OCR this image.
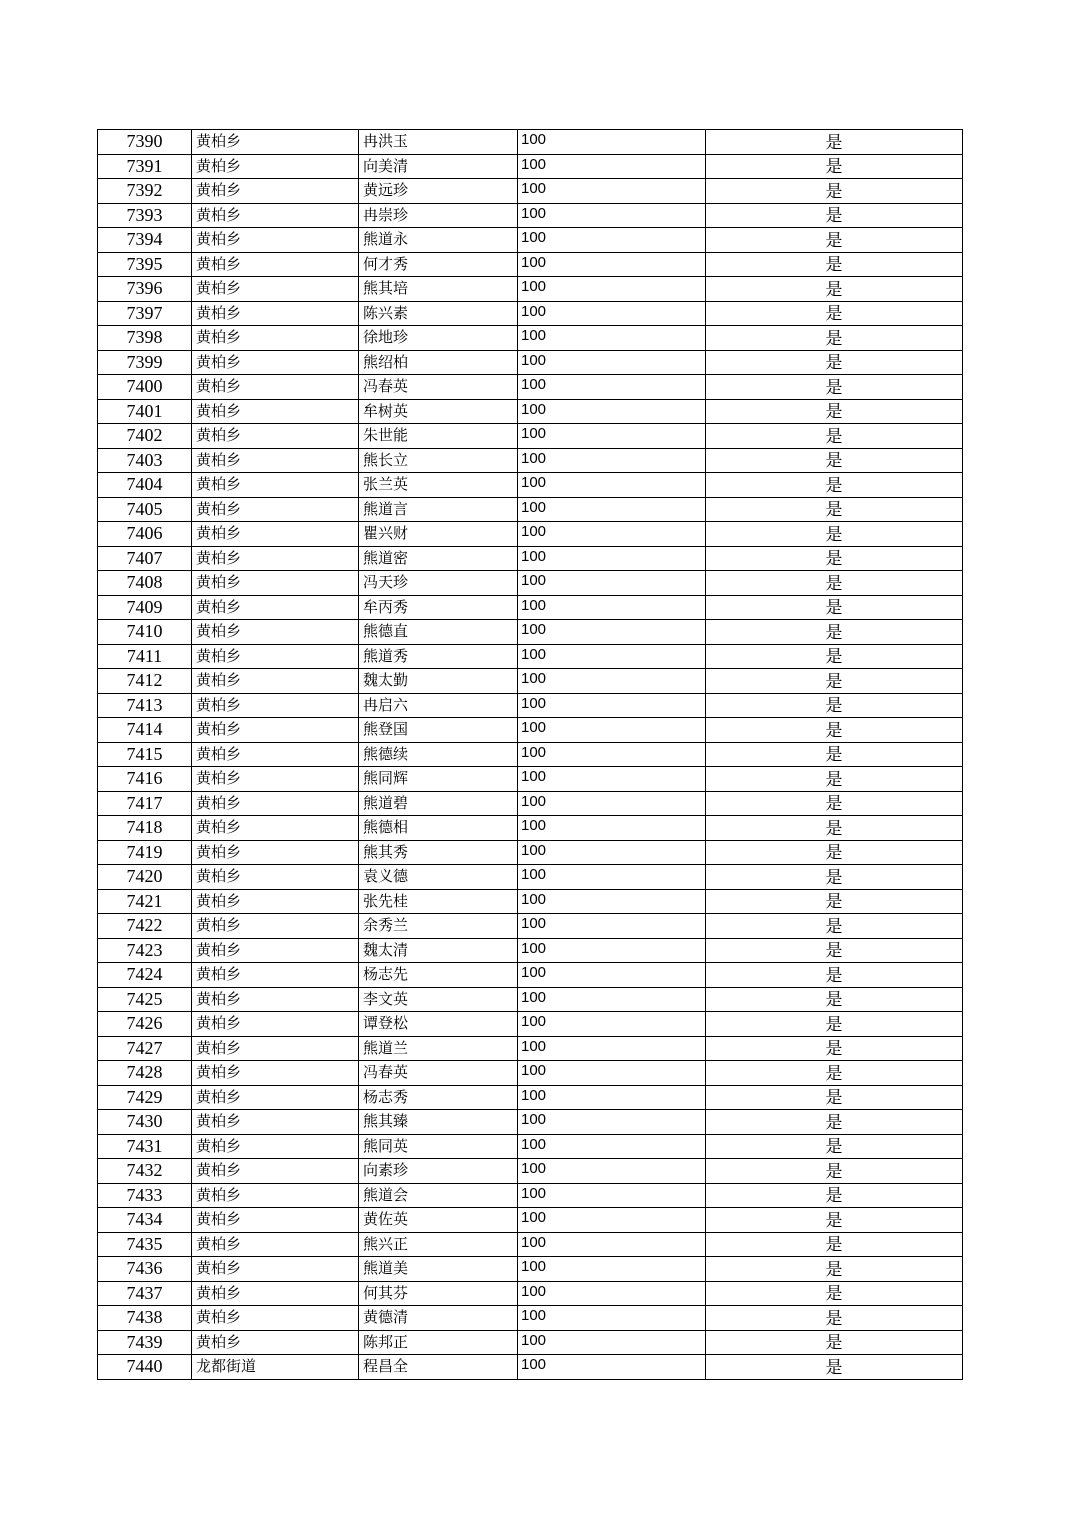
7390	黄柏乡	冉洪玉	100	是
7391	黄柏乡	向美清	100	是
7392	黄柏乡	黄远珍	100	是
7393	黄柏乡	冉崇珍	100	是
7394	黄柏乡	熊道永	100	是
7395	黄柏乡	何才秀	100	是
7396	黄柏乡	熊其培	100	是
7397	黄柏乡	陈兴素	100	是
7398	黄柏乡	徐地珍	100	是
7399	黄柏乡	熊绍柏	100	是
7400	黄柏乡	冯春英	100	是
7401	黄柏乡	牟树英	100	是
7402	黄柏乡	朱世能	100	是
7403	黄柏乡	熊长立	100	是
7404	黄柏乡	张兰英	100	是
7405	黄柏乡	熊道言	100	是
7406	黄柏乡	瞿兴财	100	是
7407	黄柏乡	熊道密	100	是
7408	黄柏乡	冯天珍	100	是
7409	黄柏乡	牟丙秀	100	是
7410	黄柏乡	熊德直	100	是
7411	黄柏乡	熊道秀	100	是
7412	黄柏乡	魏太勤	100	是
7413	黄柏乡	冉启六	100	是
7414	黄柏乡	熊登国	100	是
7415	黄柏乡	熊德续	100	是
7416	黄柏乡	熊同辉	100	是
7417	黄柏乡	熊道碧	100	是
7418	黄柏乡	熊德相	100	是
7419	黄柏乡	熊其秀	100	是
7420	黄柏乡	袁义德	100	是
7421	黄柏乡	张先桂	100	是
7422	黄柏乡	余秀兰	100	是
7423	黄柏乡	魏太清	100	是
7424	黄柏乡	杨志先	100	是
7425	黄柏乡	李文英	100	是
7426	黄柏乡	谭登松	100	是
7427	黄柏乡	熊道兰	100	是
7428	黄柏乡	冯春英	100	是
7429	黄柏乡	杨志秀	100	是
7430	黄柏乡	熊其臻	100	是
7431	黄柏乡	熊同英	100	是
7432	黄柏乡	向素珍	100	是
7433	黄柏乡	熊道会	100	是
7434	黄柏乡	黄佐英	100	是
7435	黄柏乡	熊兴正	100	是
7436	黄柏乡	熊道美	100	是
7437	黄柏乡	何其芬	100	是
7438	黄柏乡	黄德清	100	是
7439	黄柏乡	陈邦正	100	是
7440	龙都街道	程昌全	100	是
